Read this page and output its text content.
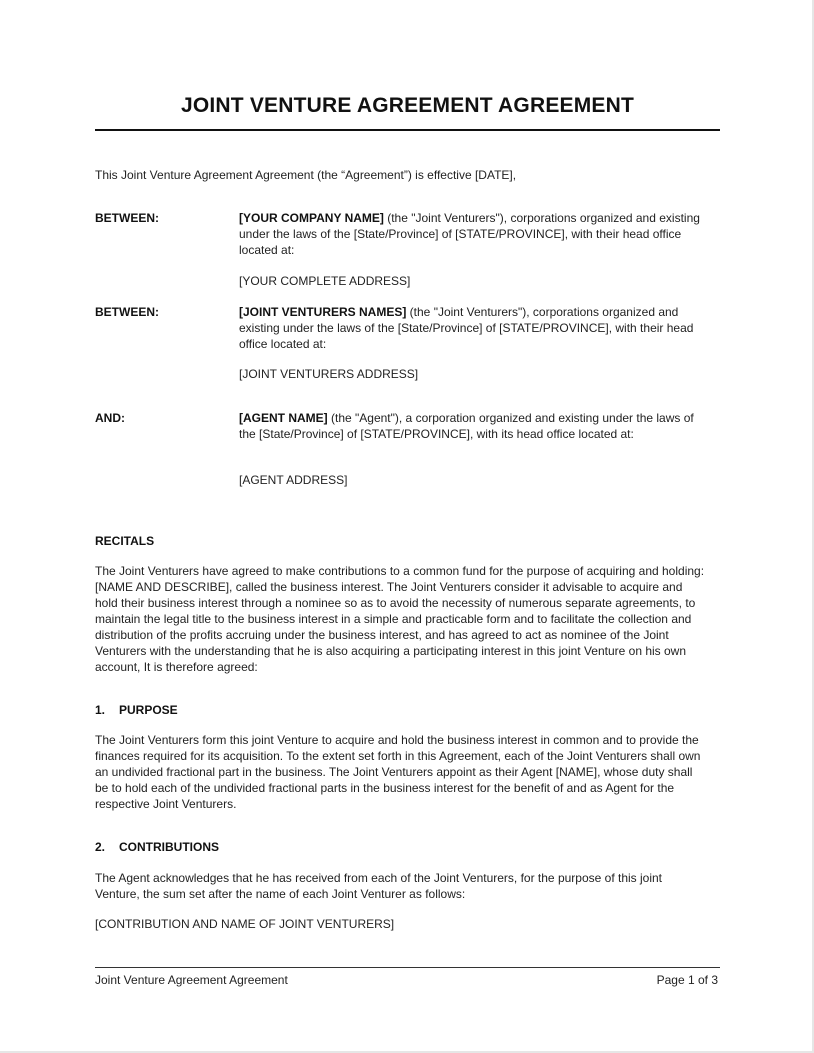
JOINT VENTURE AGREEMENT AGREEMENT

This Joint Venture Agreement Agreement (the “Agreement”) is effective [DATE],

BETWEEN:	[YOUR COMPANY NAME] (the "Joint Venturers"), corporations organized and existing under the laws of the [State/Province] of [STATE/PROVINCE], with their head office located at:

[YOUR COMPLETE ADDRESS]
BETWEEN:	[JOINT VENTURERS NAMES] (the "Joint Venturers"), corporations organized and existing under the laws of the [State/Province] of [STATE/PROVINCE], with their head office located at:

[JOINT VENTURERS ADDRESS]
AND:	[AGENT NAME] (the "Agent"), a corporation organized and existing under the laws of the [State/Province] of [STATE/PROVINCE], with its head office located at:

[AGENT ADDRESS]
RECITALS

The Joint Venturers have agreed to make contributions to a common fund for the purpose of acquiring and holding: [NAME AND DESCRIBE], called the business interest. The Joint Venturers consider it advisable to acquire and hold their business interest through a nominee so as to avoid the necessity of numerous separate agreements, to maintain the legal title to the business interest in a simple and practicable form and to facilitate the collection and distribution of the profits accruing under the business interest, and has agreed to act as nominee of the Joint Venturers with the understanding that he is also acquiring a participating interest in this joint Venture on his own account, It is therefore agreed:

1. PURPOSE

The Joint Venturers form this joint Venture to acquire and hold the business interest in common and to provide the finances required for its acquisition. To the extent set forth in this Agreement, each of the Joint Venturers shall own an undivided fractional part in the business. The Joint Venturers appoint as their Agent [NAME], whose duty shall be to hold each of the undivided fractional parts in the business interest for the benefit of and as Agent for the respective Joint Venturers.

2. CONTRIBUTIONS

The Agent acknowledges that he has received from each of the Joint Venturers, for the purpose of this joint Venture, the sum set after the name of each Joint Venturer as follows:

[CONTRIBUTION AND NAME OF JOINT VENTURERS]
Joint Venture Agreement Agreement	Page 1 of 3
